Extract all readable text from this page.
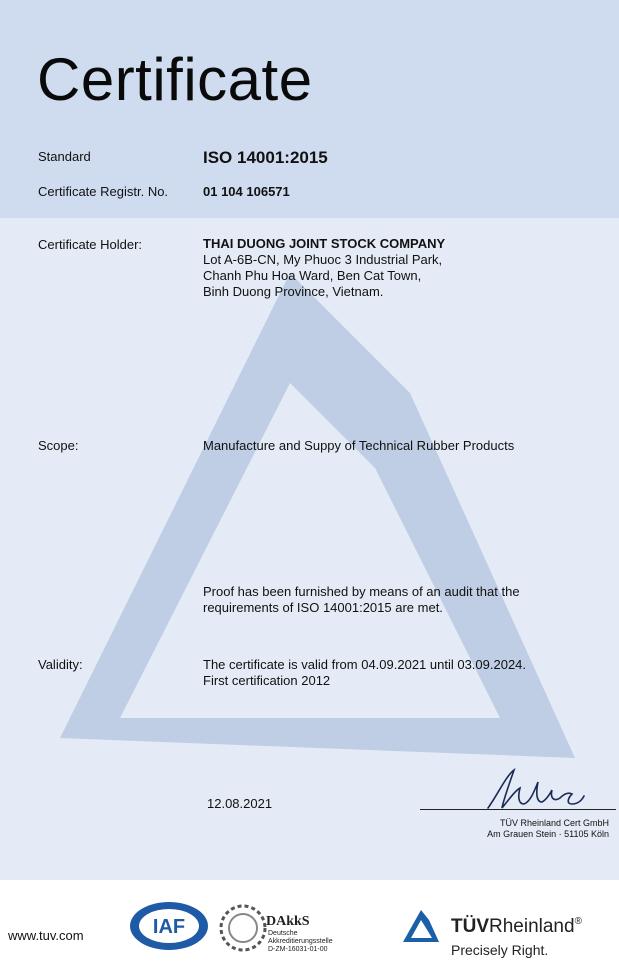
Certificate
Standard	ISO 14001:2015
Certificate Registr. No.	01 104 106571
Certificate Holder:	THAI DUONG JOINT STOCK COMPANY
Lot A-6B-CN, My Phuoc 3 Industrial Park,
Chanh Phu Hoa Ward, Ben Cat Town,
Binh Duong Province, Vietnam.
Scope:	Manufacture and Suppy of Technical Rubber Products
Proof has been furnished by means of an audit that the
requirements of ISO 14001:2015 are met.
Validity:	The certificate is valid from 04.09.2021 until 03.09.2024.
First certification 2012
12.08.2021
TÜV Rheinland Cert GmbH
Am Grauen Stein · 51105 Köln
www.tuv.com	IAF	DAkkS
Deutsche
Akkreditierungsstelle
D-ZM-16031-01-00
TÜVRheinland®
Precisely Right.
